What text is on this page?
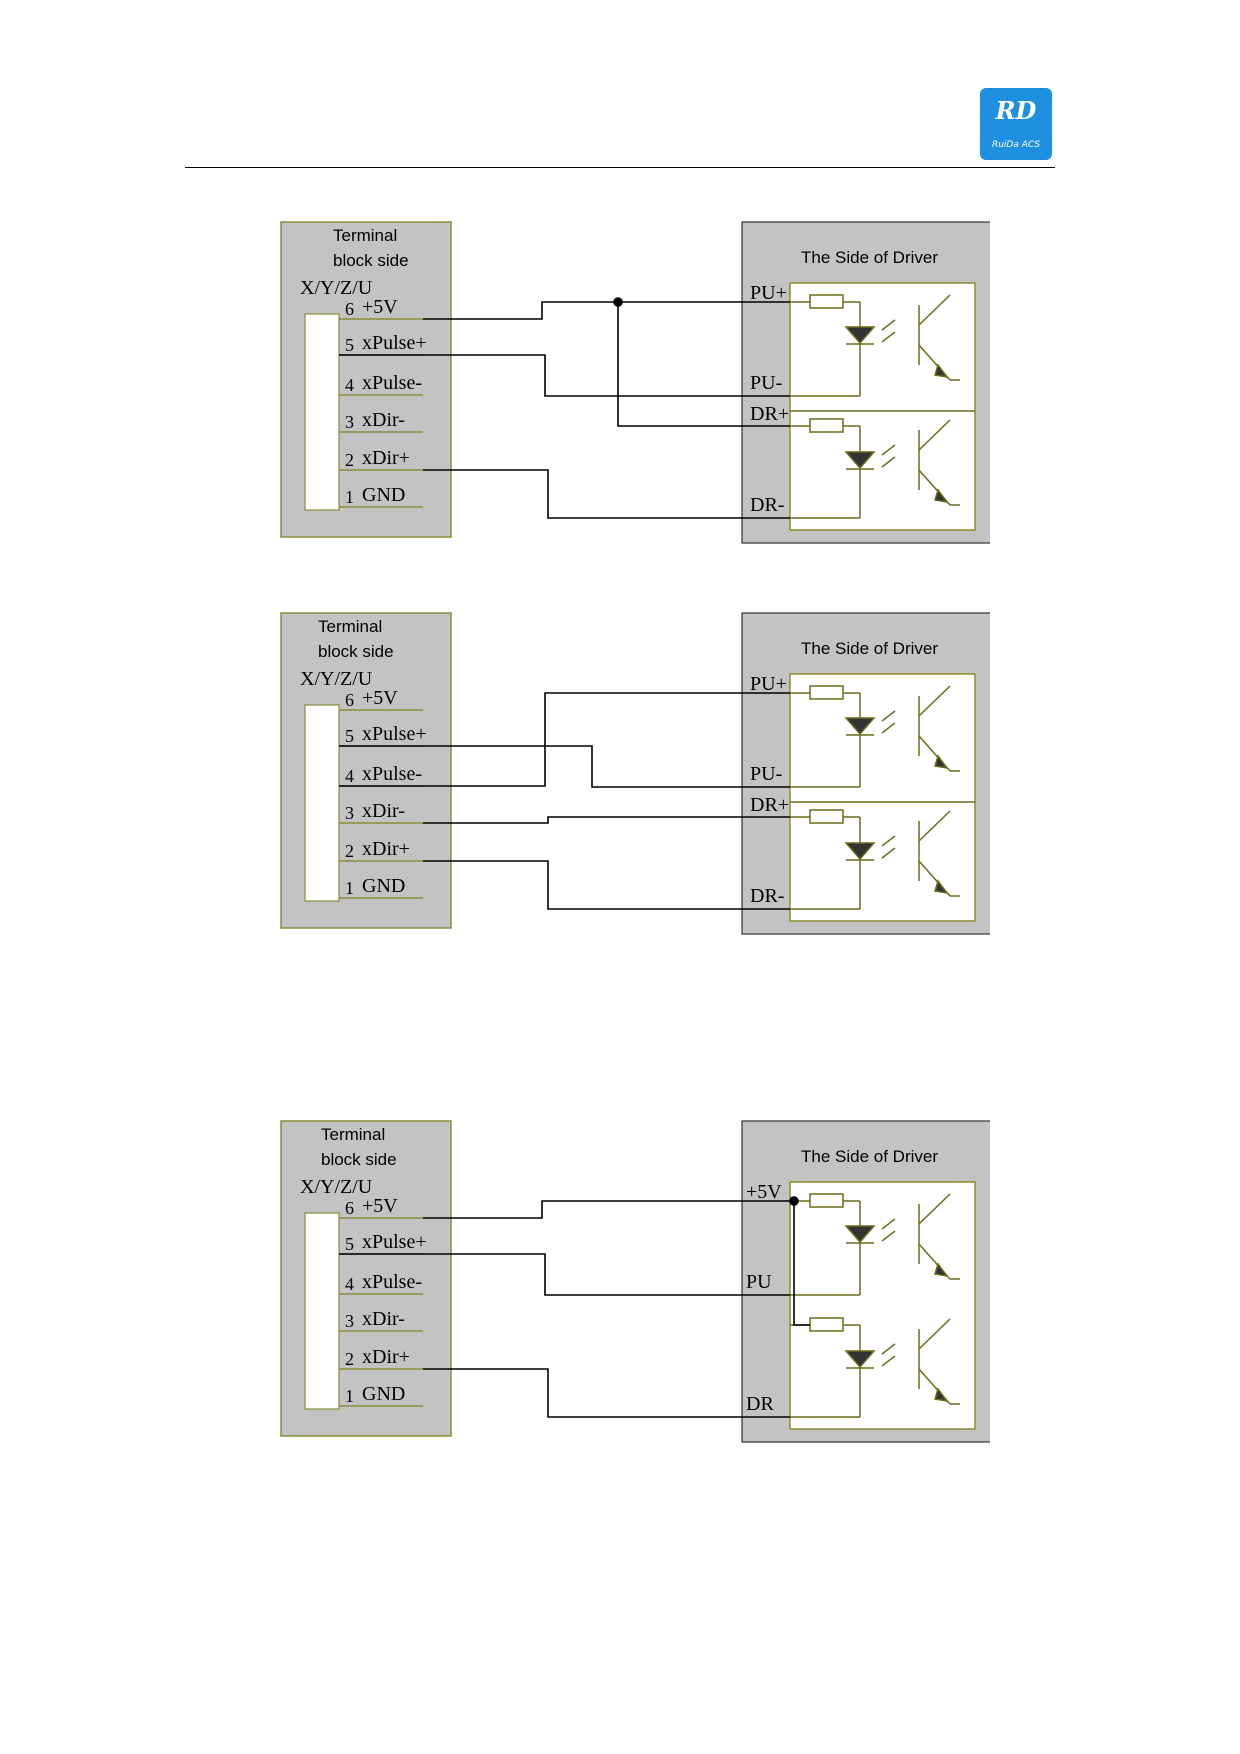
RD
RuiDa ACS
Terminal
block side
X/Y/Z/U
6 +5V
5 xPulse+
4 xPulse-
3 xDir-
2 xDir+
1 GND
The Side of Driver
PU+
PU-
DR+
DR-
Terminal
block side
X/Y/Z/U
6 +5V
5 xPulse+
4 xPulse-
3 xDir-
2 xDir+
1 GND
The Side of Driver
PU+
PU-
DR+
DR-
Terminal
block side
X/Y/Z/U
6 +5V
5 xPulse+
4 xPulse-
3 xDir-
2 xDir+
1 GND
The Side of Driver
+5V
PU
DR
